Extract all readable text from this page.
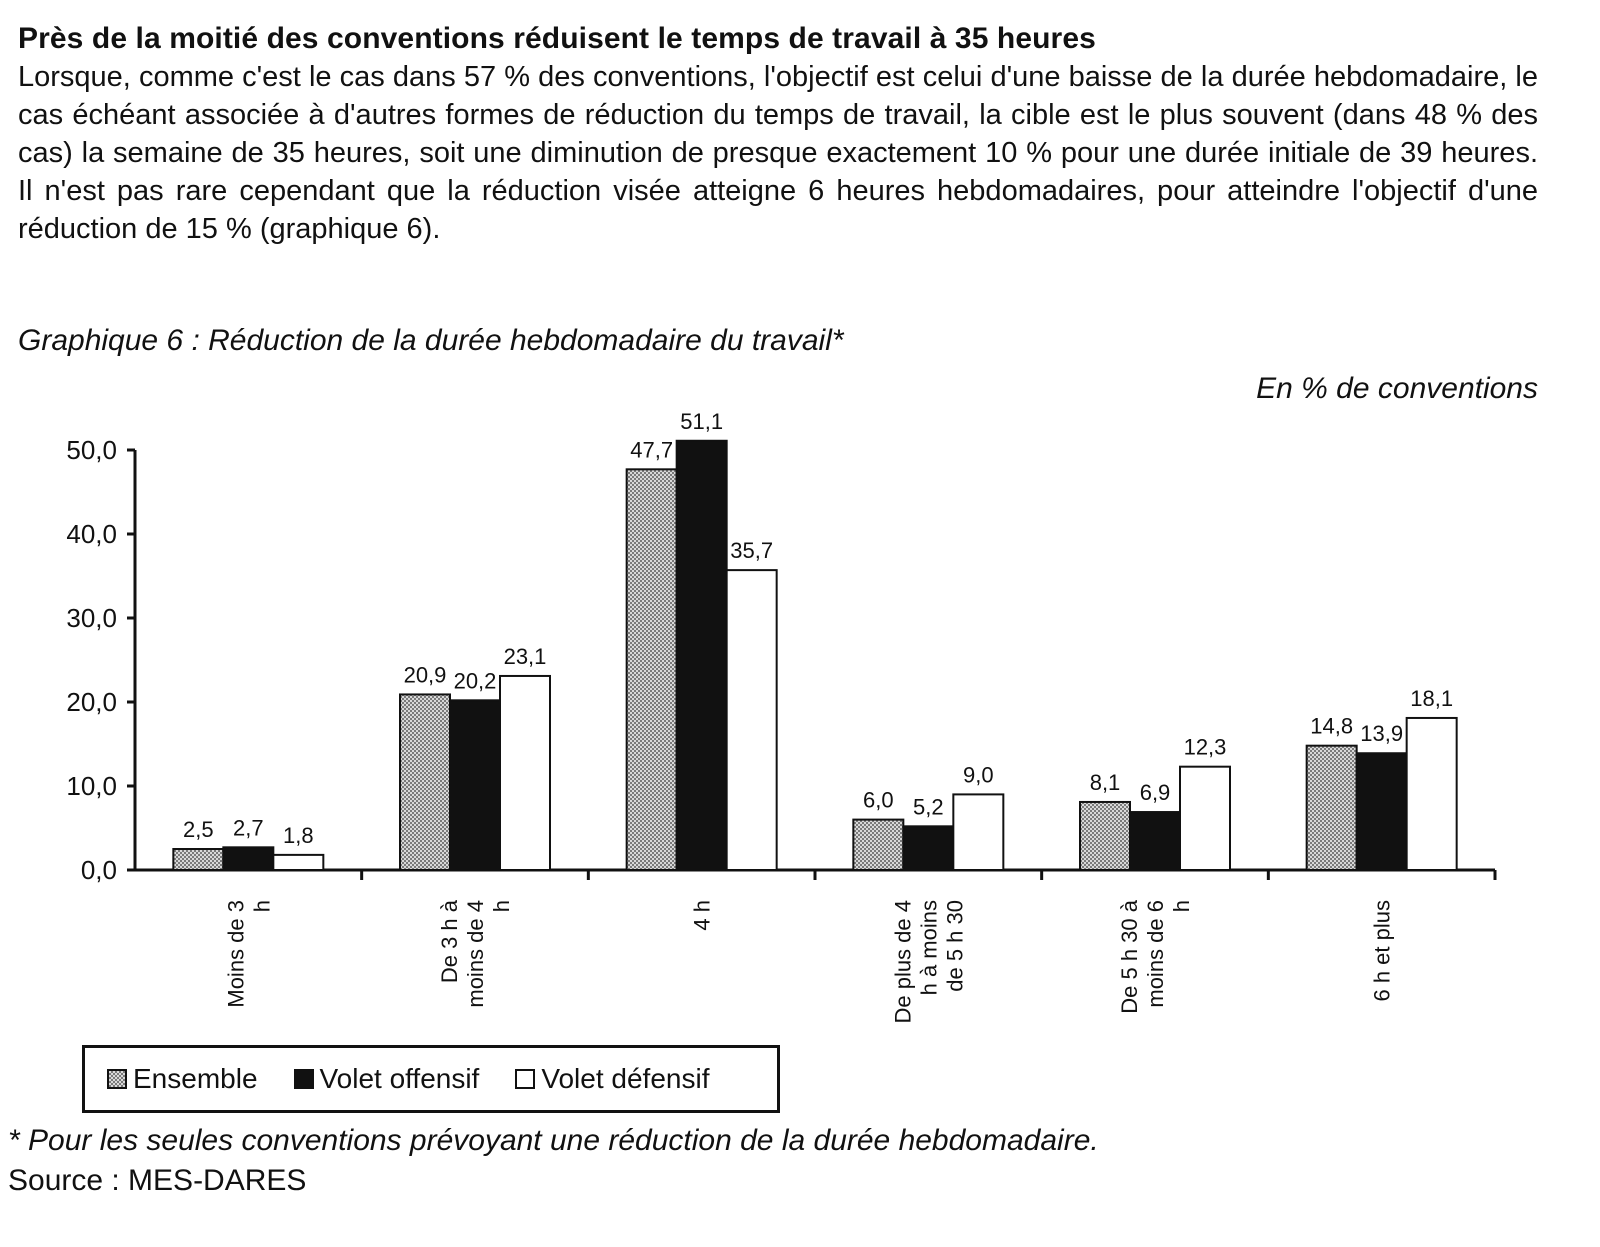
Près de la moitié des conventions réduisent le temps de travail à 35 heures
Lorsque, comme c'est le cas dans 57 % des conventions, l'objectif est celui d'une baisse de la durée hebdomadaire, le cas échéant associée à d'autres formes de réduction du temps de travail, la cible est le plus souvent (dans 48 % des cas) la semaine de 35 heures, soit une diminution de presque exactement 10 % pour une durée initiale de 39 heures. Il n'est pas rare cependant que la réduction visée atteigne 6 heures hebdomadaires, pour atteindre l'objectif d'une réduction de 15 % (graphique 6).
Graphique 6 : Réduction de la durée hebdomadaire du travail*
En % de conventions
0,0
10,0
20,0
30,0
40,0
50,0
2,5 2,7 1,8
Moins de 3h
20,9 20,2
23,1
De 3 h àmoins de 4h
47,7
51,1
35,7
4 h
6,0 5,2
9,0
De plus de 4h à moinsde 5 h 30
8,1 6,9
12,3
De 5 h 30 àmoins de 6h
14,8 13,9
18,1
6 h et plus
Ensemble Volet offensif Volet défensif
* Pour les seules conventions prévoyant une réduction de la durée hebdomadaire.
Source : MES-DARES
